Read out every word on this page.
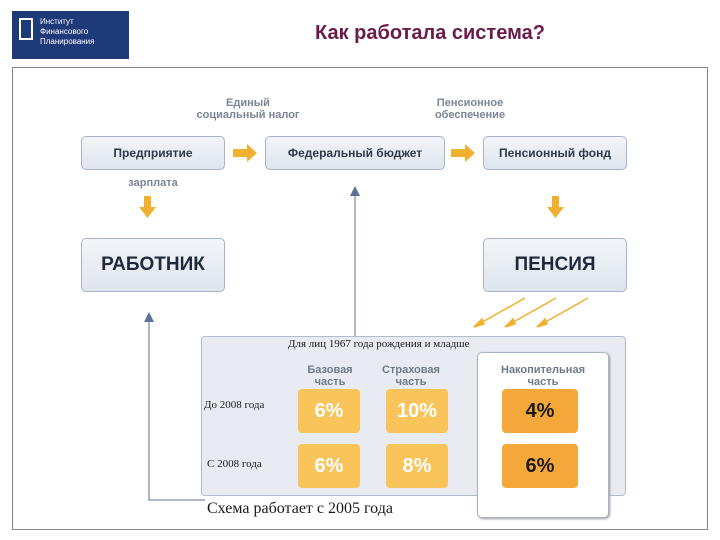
Институт
Финансового
Планирования	Как работала система?
Единый
социальный налог
Пенсионное
обеспечение
Предприятие	Федеральный бюджет	Пенсионный фонд
зарплата
РАБОТНИК	ПЕНСИЯ
Для лиц 1967 года рождения и младше
Базовая
часть
Страховая
часть
Накопительная
часть
До 2008 года	6%	10%	4%
С 2008 года	6%	8%	6%
Схема работает с 2005 года
